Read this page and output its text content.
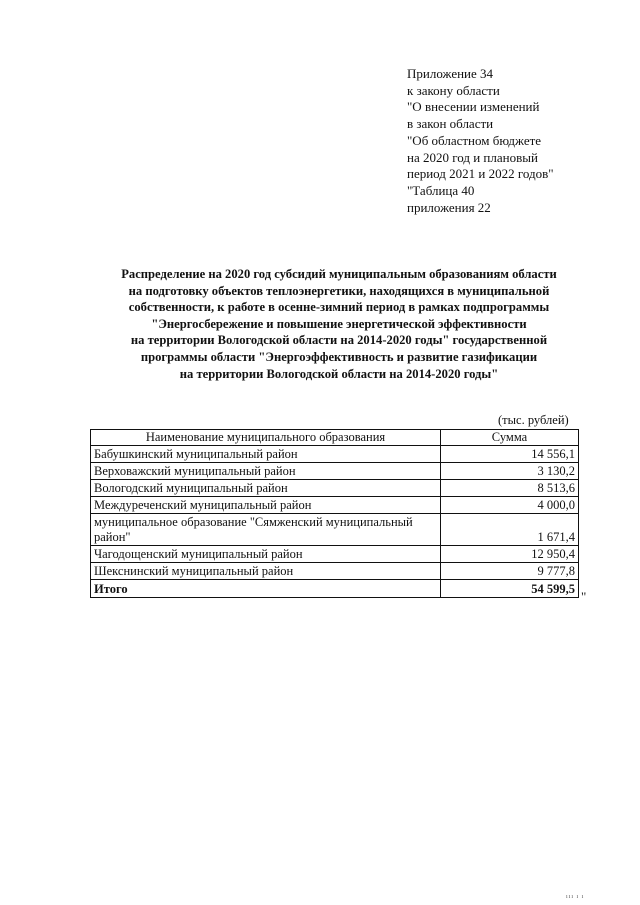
Приложение 34
к закону области
"О внесении изменений
в закон области
"Об областном бюджете
на 2020 год и плановый
период 2021 и 2022 годов"
"Таблица 40
приложения 22
Распределение на 2020 год субсидий муниципальным образованиям области
на подготовку объектов теплоэнергетики, находящихся в муниципальной
собственности, к работе в осенне-зимний период в рамках подпрограммы
"Энергосбережение и повышение энергетической эффективности
на территории Вологодской области на 2014-2020 годы" государственной
программы области "Энергоэффективность и развитие газификации
на территории Вологодской области на 2014-2020 годы"
(тыс. рублей)
Наименование муниципального образования	Сумма
Бабушкинский муниципальный район	14 556,1
Верховажский муниципальный район	3 130,2
Вологодский муниципальный район	8 513,6
Междуреченский муниципальный район	4 000,0

муниципальное образование "Сямженский муниципальный
район"	1 671,4
Чагодощенский муниципальный район	12 950,4
Шекснинский муниципальный район	9 777,8
Итого	54 599,5 "
ııı ı ı
